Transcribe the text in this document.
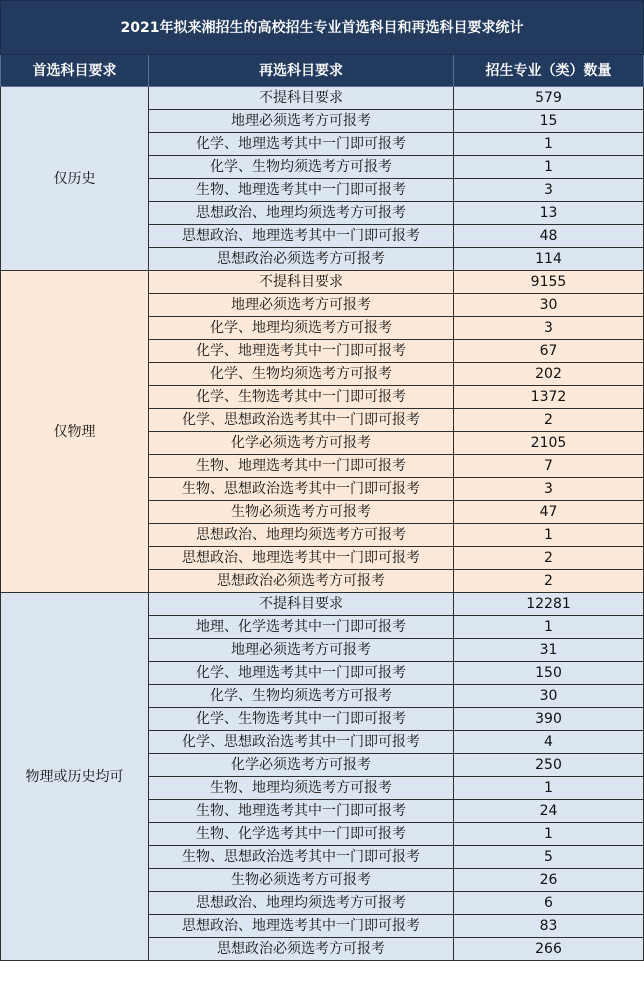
2021年拟来湘招生的高校招生专业首选科目和再选科目要求统计		
首选科目要求	再选科目要求	招生专业（类）数量
仅历史	不提科目要求	579
	地理必须选考方可报考	15
	化学、地理选考其中一门即可报考	1
	化学、生物均须选考方可报考	1
	生物、地理选考其中一门即可报考	3
	思想政治、地理均须选考方可报考	13
	思想政治、地理选考其中一门即可报考	48
	思想政治必须选考方可报考	114
仅物理	不提科目要求	9155
	地理必须选考方可报考	30
	化学、地理均须选考方可报考	3
	化学、地理选考其中一门即可报考	67
	化学、生物均须选考方可报考	202
	化学、生物选考其中一门即可报考	1372
	化学、思想政治选考其中一门即可报考	2
	化学必须选考方可报考	2105
	生物、地理选考其中一门即可报考	7
	生物、思想政治选考其中一门即可报考	3
	生物必须选考方可报考	47
	思想政治、地理均须选考方可报考	1
	思想政治、地理选考其中一门即可报考	2
	思想政治必须选考方可报考	2
物理或历史均可	不提科目要求	12281
	地理、化学选考其中一门即可报考	1
	地理必须选考方可报考	31
	化学、地理选考其中一门即可报考	150
	化学、生物均须选考方可报考	30
	化学、生物选考其中一门即可报考	390
	化学、思想政治选考其中一门即可报考	4
	化学必须选考方可报考	250
	生物、地理均须选考方可报考	1
	生物、地理选考其中一门即可报考	24
	生物、化学选考其中一门即可报考	1
	生物、思想政治选考其中一门即可报考	5
	生物必须选考方可报考	26
	思想政治、地理均须选考方可报考	6
	思想政治、地理选考其中一门即可报考	83
	思想政治必须选考方可报考	266
